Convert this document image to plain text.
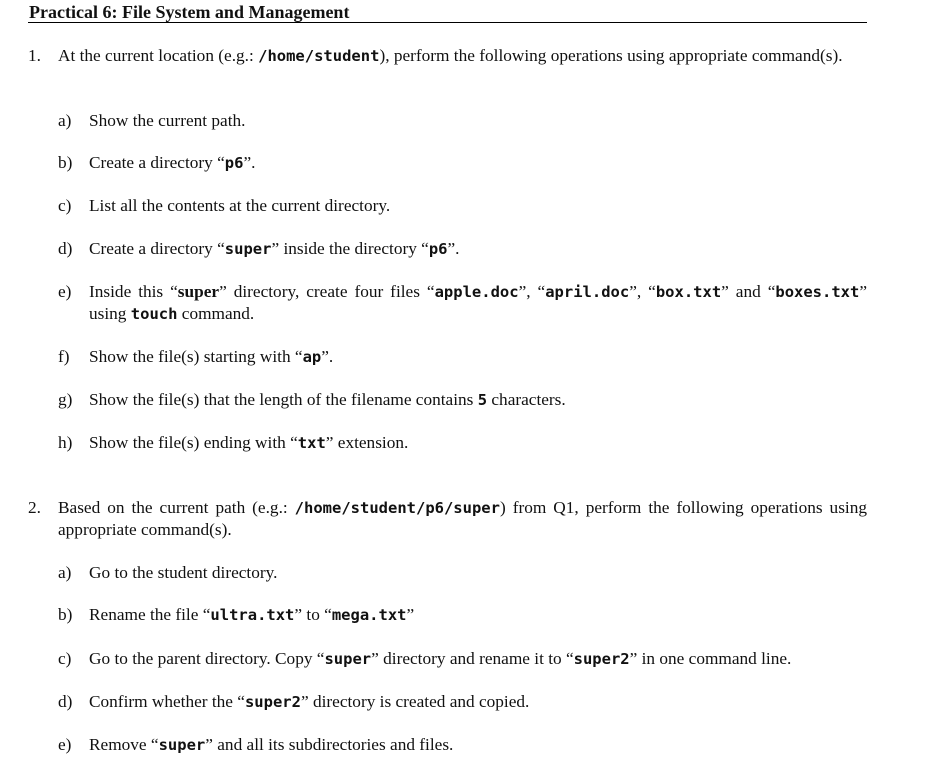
Practical 6: File System and Management
1. At the current location (e.g.: /home/student), perform the following operations using appropriate command(s).
a) Show the current path.
b) Create a directory “p6”.
c) List all the contents at the current directory.
d) Create a directory “super” inside the directory “p6”.
e) Inside this “super” directory, create four files “apple.doc”, “april.doc”, “box.txt” and “boxes.txt” using touch command.
f) Show the file(s) starting with “ap”.
g) Show the file(s) that the length of the filename contains 5 characters.
h) Show the file(s) ending with “txt” extension.
2. Based on the current path (e.g.: /home/student/p6/super) from Q1, perform the following operations using appropriate command(s).
a) Go to the student directory.
b) Rename the file “ultra.txt” to “mega.txt”
c) Go to the parent directory. Copy “super” directory and rename it to “super2” in one command line.
d) Confirm whether the “super2” directory is created and copied.
e) Remove “super” and all its subdirectories and files.
